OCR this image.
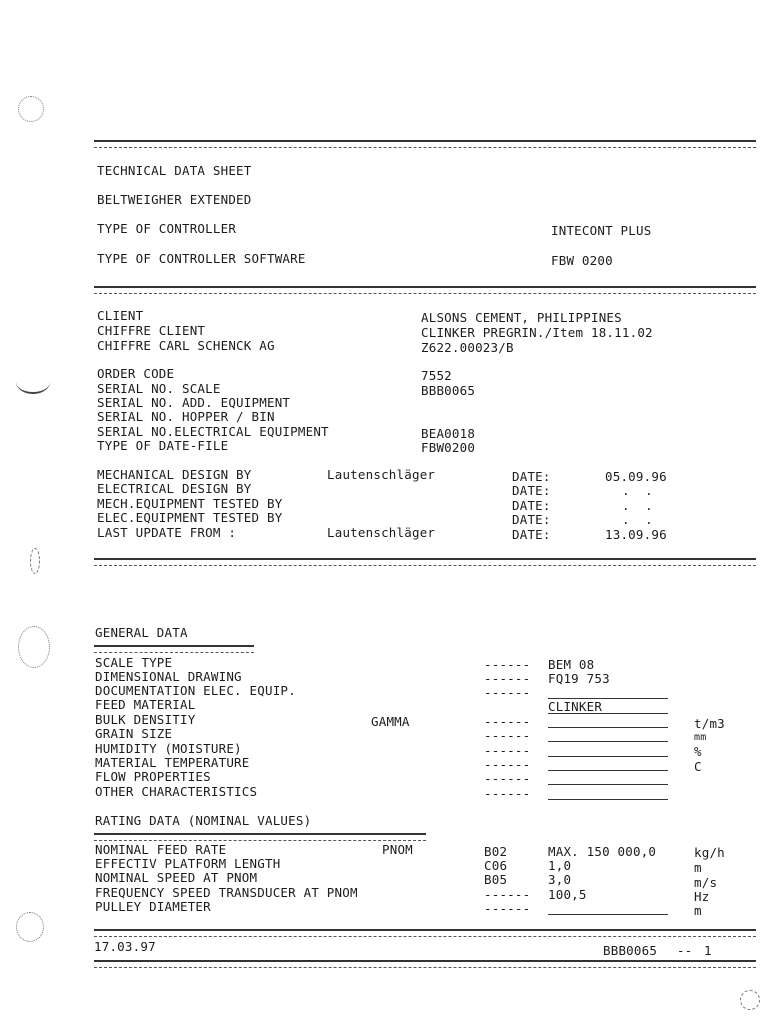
TECHNICAL DATA SHEET
BELTWEIGHER EXTENDED
TYPE OF CONTROLLER	INTECONT PLUS
TYPE OF CONTROLLER SOFTWARE	FBW 0200
CLIENT	ALSONS CEMENT, PHILIPPINES
CHIFFRE CLIENT	CLINKER PREGRIN./Item 18.11.02
CHIFFRE CARL SCHENCK AG	Z622.00023/B
ORDER CODE	7552
SERIAL NO. SCALE	BBB0065
SERIAL NO. ADD. EQUIPMENT
SERIAL NO. HOPPER / BIN
SERIAL NO.ELECTRICAL EQUIPMENT	BEA0018
TYPE OF DATE-FILE	FBW0200
MECHANICAL DESIGN BY	Lautenschläger	DATE:	05.09.96
ELECTRICAL DESIGN BY	DATE:	.  .
MECH.EQUIPMENT TESTED BY	DATE:	.  .
ELEC.EQUIPMENT TESTED BY	DATE:	.  .
LAST UPDATE FROM :	Lautenschläger	DATE:	13.09.96
GENERAL DATA
SCALE TYPE	------ BEM 08
DIMENSIONAL DRAWING	------ FQ19 753
DOCUMENTATION ELEC. EQUIP.	------
FEED MATERIAL	CLINKER
BULK DENSITIY	GAMMA	------	t/m3
GRAIN SIZE	------	mm
HUMIDITY (MOISTURE)	------	%
MATERIAL TEMPERATURE	------	C
FLOW PROPERTIES	------
OTHER CHARACTERISTICS	------
RATING DATA (NOMINAL VALUES)
NOMINAL FEED RATE	PNOM	B02	MAX. 150 000,0	kg/h
EFFECTIV PLATFORM LENGTH	C06	1,0	m
NOMINAL SPEED AT PNOM	B05	3,0	m/s
FREQUENCY SPEED TRANSDUCER AT PNOM	------ 100,5	Hz
PULLEY DIAMETER	------	m
17.03.97	BBB0065 -- 1
